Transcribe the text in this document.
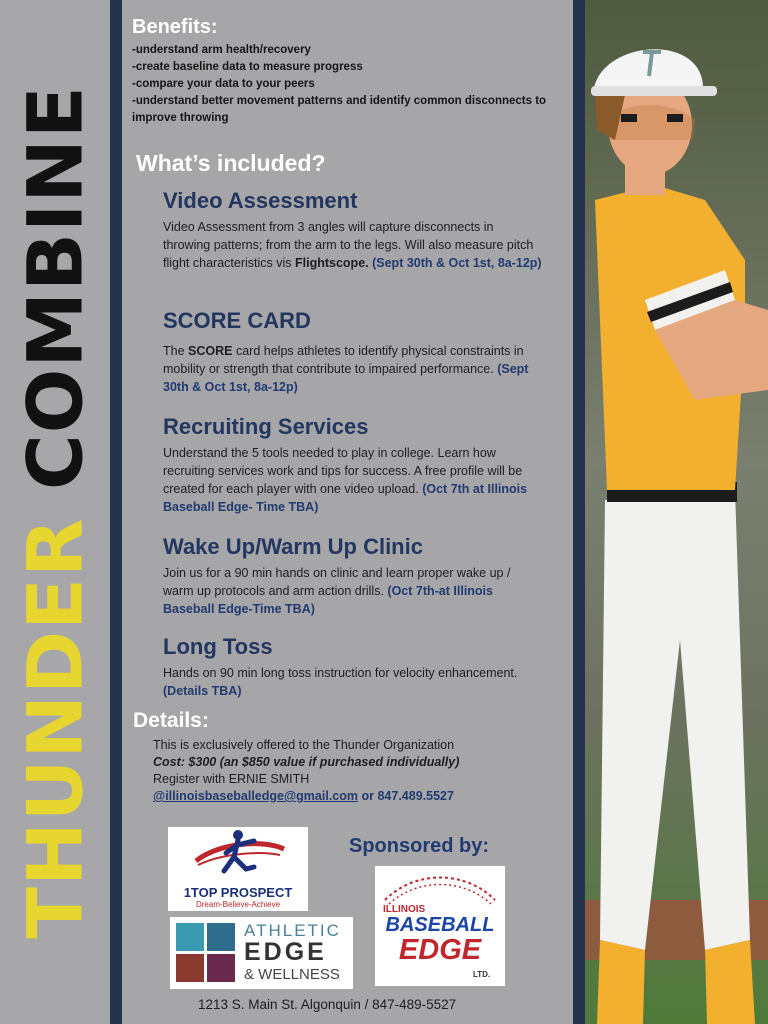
THUNDER COMBINE
Benefits:
-understand arm health/recovery
-create baseline data to measure progress
-compare your data to your peers
-understand better movement patterns and identify common disconnects to improve throwing
What’s included?
Video Assessment
Video Assessment from 3 angles will capture disconnects in throwing patterns; from the arm to the legs. Will also measure pitch flight characteristics vis Flightscope. (Sept 30th & Oct 1st, 8a-12p)
SCORE CARD
The SCORE card helps athletes to identify physical constraints in mobility or strength that contribute to impaired performance. (Sept 30th & Oct 1st, 8a-12p)
Recruiting Services
Understand the 5 tools needed to play in college. Learn how recruiting services work and tips for success. A free profile will be created for each player with one video upload. (Oct 7th at Illinois Baseball Edge- Time TBA)
Wake Up/Warm Up Clinic
Join us for a 90 min hands on clinic and learn proper wake up / warm up protocols and arm action drills. (Oct 7th-at Illinois Baseball Edge-Time TBA)
Long Toss
Hands on 90 min long toss instruction for velocity enhancement. (Details TBA)
Details:
This is exclusively offered to the Thunder Organization
Cost: $300 (an $850 value if purchased individually)
Register with ERNIE SMITH
@illinoisbaseballedge@gmail.com or 847.489.5527
1TOP PROSPECT
Dream-Believe-Achieve
Sponsored by:
ATHLETIC
EDGE
& WELLNESS
ILLINOIS
BASEBALL
EDGE
LTD.
1213 S. Main St. Algonquin / 847-489-5527
